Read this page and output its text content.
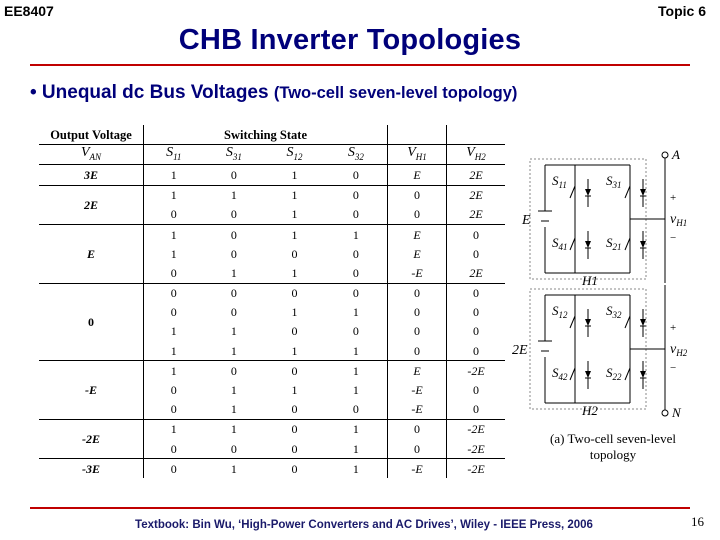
EE8407	Topic 6
CHB Inverter Topologies
• Unequal dc Bus Voltages (Two-cell seven-level topology)
Output Voltage	Switching State					
$V_{AN}$	$S_{11}$	$S_{31}$	$S_{12}$	$S_{32}$	$V_{H1}$	$V_{H2}$
3E	1	0	1	0	E	2E
2E	1	1	1	0	0	2E
	0	0	1	0	0	2E
E	1	0	1	1	E	0
	1	0	0	0	E	0
	0	1	1	0	-E	2E
0	0	0	0	0	0	0
	0	0	1	1	0	0
	1	1	0	0	0	0
	1	1	1	1	0	0
-E	1	0	0	1	E	-2E
	0	1	1	1	-E	0
	0	1	0	0	-E	0
-2E	1	1	0	1	0	-2E
	0	0	0	1	0	-2E
-3E	0	1	0	1	-E	-2E
$S_{11}$	$S_{31}$
$S_{41}$	$S_{21}$
E
H1
+
−
$v_{H1}$
A
$S_{12}$	$S_{32}$
$S_{42}$	$S_{22}$
2E
H2
+
−
$v_{H2}$
N
(a) Two-cell seven-level
topology
Textbook: Bin Wu, ‘High-Power Converters and AC Drives’, Wiley - IEEE Press, 2006	16
